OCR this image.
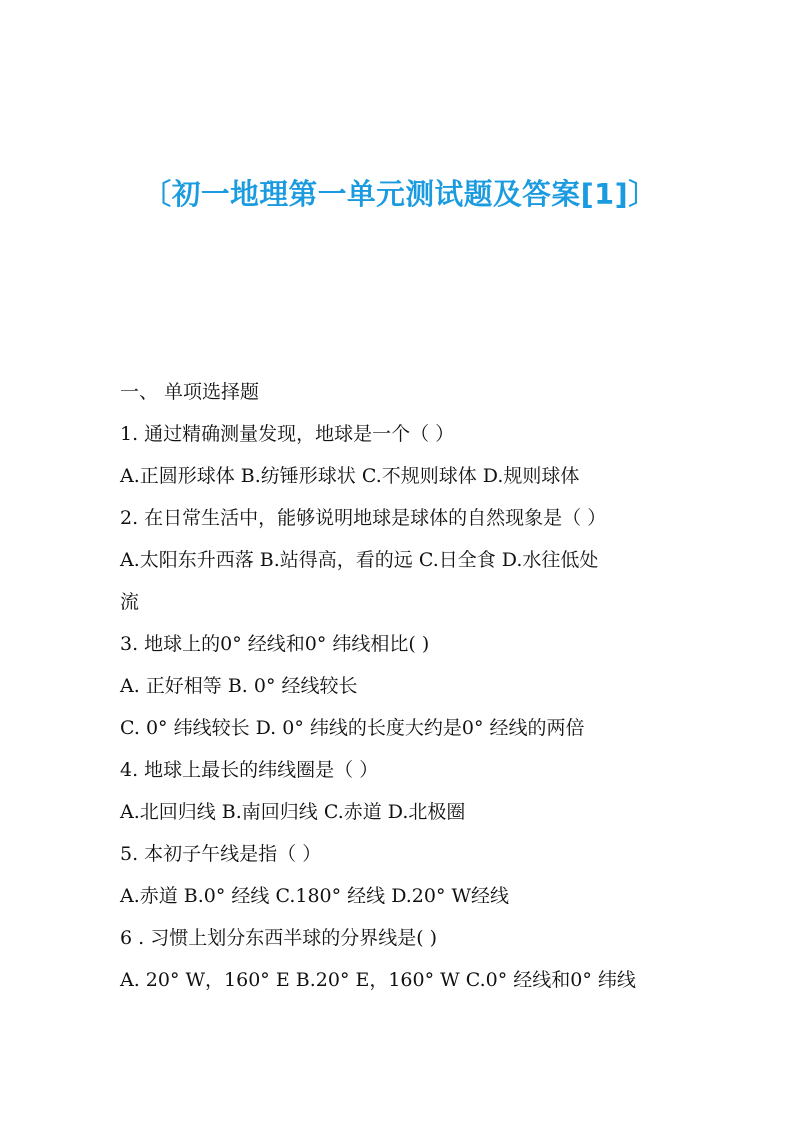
〔初一地理第一单元测试题及答案[1]〕
一、 单项选择题
1. 通过精确测量发现，地球是一个（ ）
A.正圆形球体 B.纺锤形球状 C.不规则球体 D.规则球体
2. 在日常生活中，能够说明地球是球体的自然现象是（ ）
A.太阳东升西落 B.站得高，看的远 C.日全食 D.水往低处
流
3. 地球上的0° 经线和0° 纬线相比( )
A. 正好相等 B. 0° 经线较长
C. 0° 纬线较长 D. 0° 纬线的长度大约是0° 经线的两倍
4. 地球上最长的纬线圈是（ ）
A.北回归线 B.南回归线 C.赤道 D.北极圈
5. 本初子午线是指（ ）
A.赤道 B.0° 经线 C.180° 经线 D.20° W经线
6 . 习惯上划分东西半球的分界线是( )
A. 20° W，160° E B.20° E，160° W C.0° 经线和0° 纬线
